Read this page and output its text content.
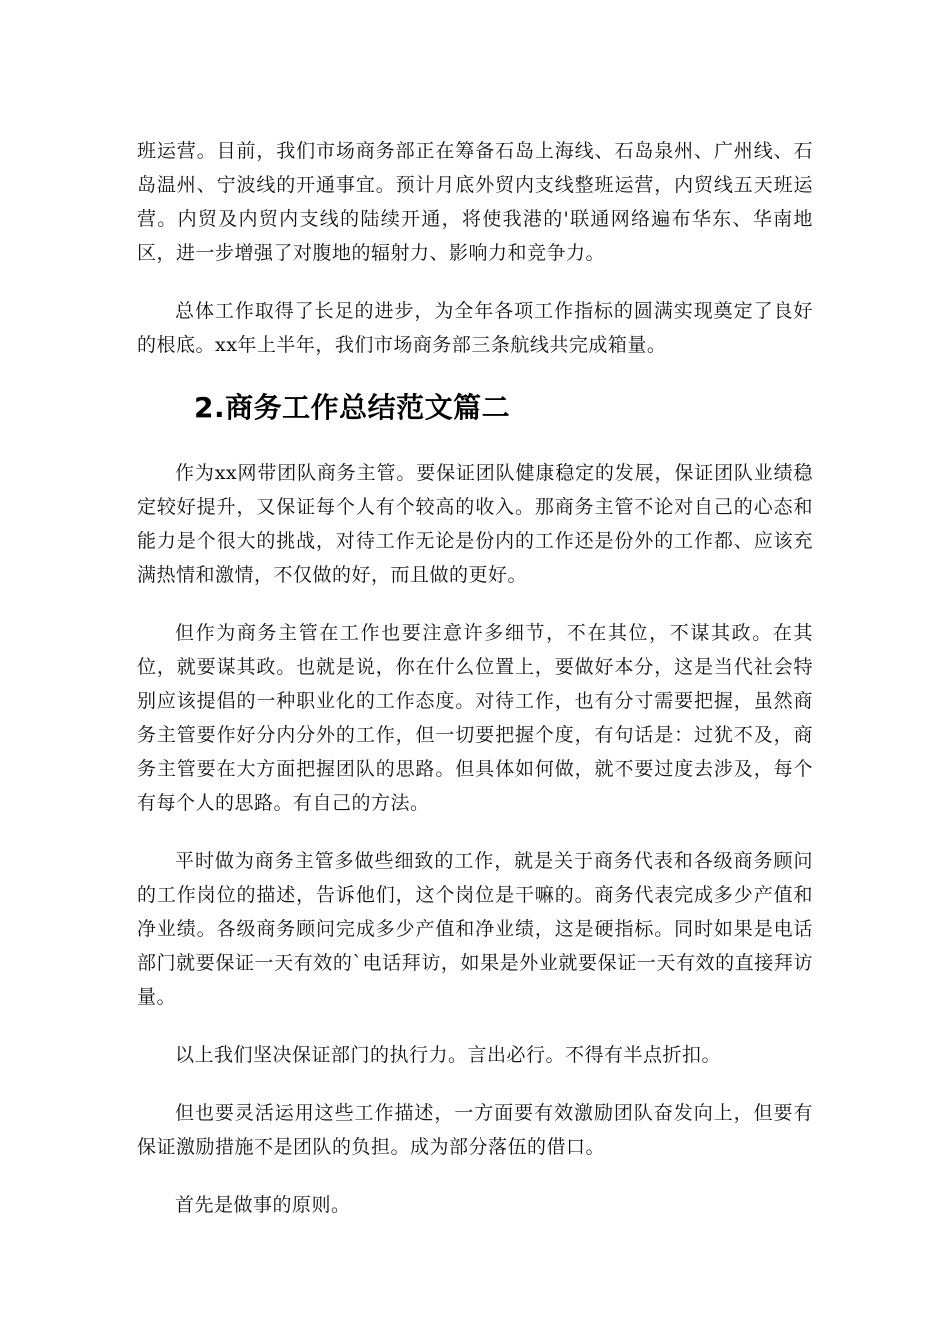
班运营。目前，我们市场商务部正在筹备石岛上海线、石岛泉州、广州线、石岛温州、宁波线的开通事宜。预计月底外贸内支线整班运营，内贸线五天班运营。内贸及内贸内支线的陆续开通，将使我港的'联通网络遍布华东、华南地区，进一步增强了对腹地的辐射力、影响力和竞争力。

总体工作取得了长足的进步，为全年各项工作指标的圆满实现奠定了良好的根底。xx年上半年，我们市场商务部三条航线共完成箱量。

2.商务工作总结范文篇二

作为xx网带团队商务主管。要保证团队健康稳定的发展，保证团队业绩稳定较好提升，又保证每个人有个较高的收入。那商务主管不论对自己的心态和能力是个很大的挑战，对待工作无论是份内的工作还是份外的工作都、应该充满热情和激情，不仅做的好，而且做的更好。

但作为商务主管在工作也要注意许多细节，不在其位，不谋其政。在其位，就要谋其政。也就是说，你在什么位置上，要做好本分，这是当代社会特别应该提倡的一种职业化的工作态度。对待工作，也有分寸需要把握，虽然商务主管要作好分内分外的工作，但一切要把握个度，有句话是：过犹不及，商务主管要在大方面把握团队的思路。但具体如何做，就不要过度去涉及，每个有每个人的思路。有自己的方法。

平时做为商务主管多做些细致的工作，就是关于商务代表和各级商务顾问的工作岗位的描述，告诉他们，这个岗位是干嘛的。商务代表完成多少产值和净业绩。各级商务顾问完成多少产值和净业绩，这是硬指标。同时如果是电话部门就要保证一天有效的`电话拜访，如果是外业就要保证一天有效的直接拜访量。

以上我们坚决保证部门的执行力。言出必行。不得有半点折扣。

但也要灵活运用这些工作描述，一方面要有效激励团队奋发向上，但要有保证激励措施不是团队的负担。成为部分落伍的借口。

首先是做事的原则。
